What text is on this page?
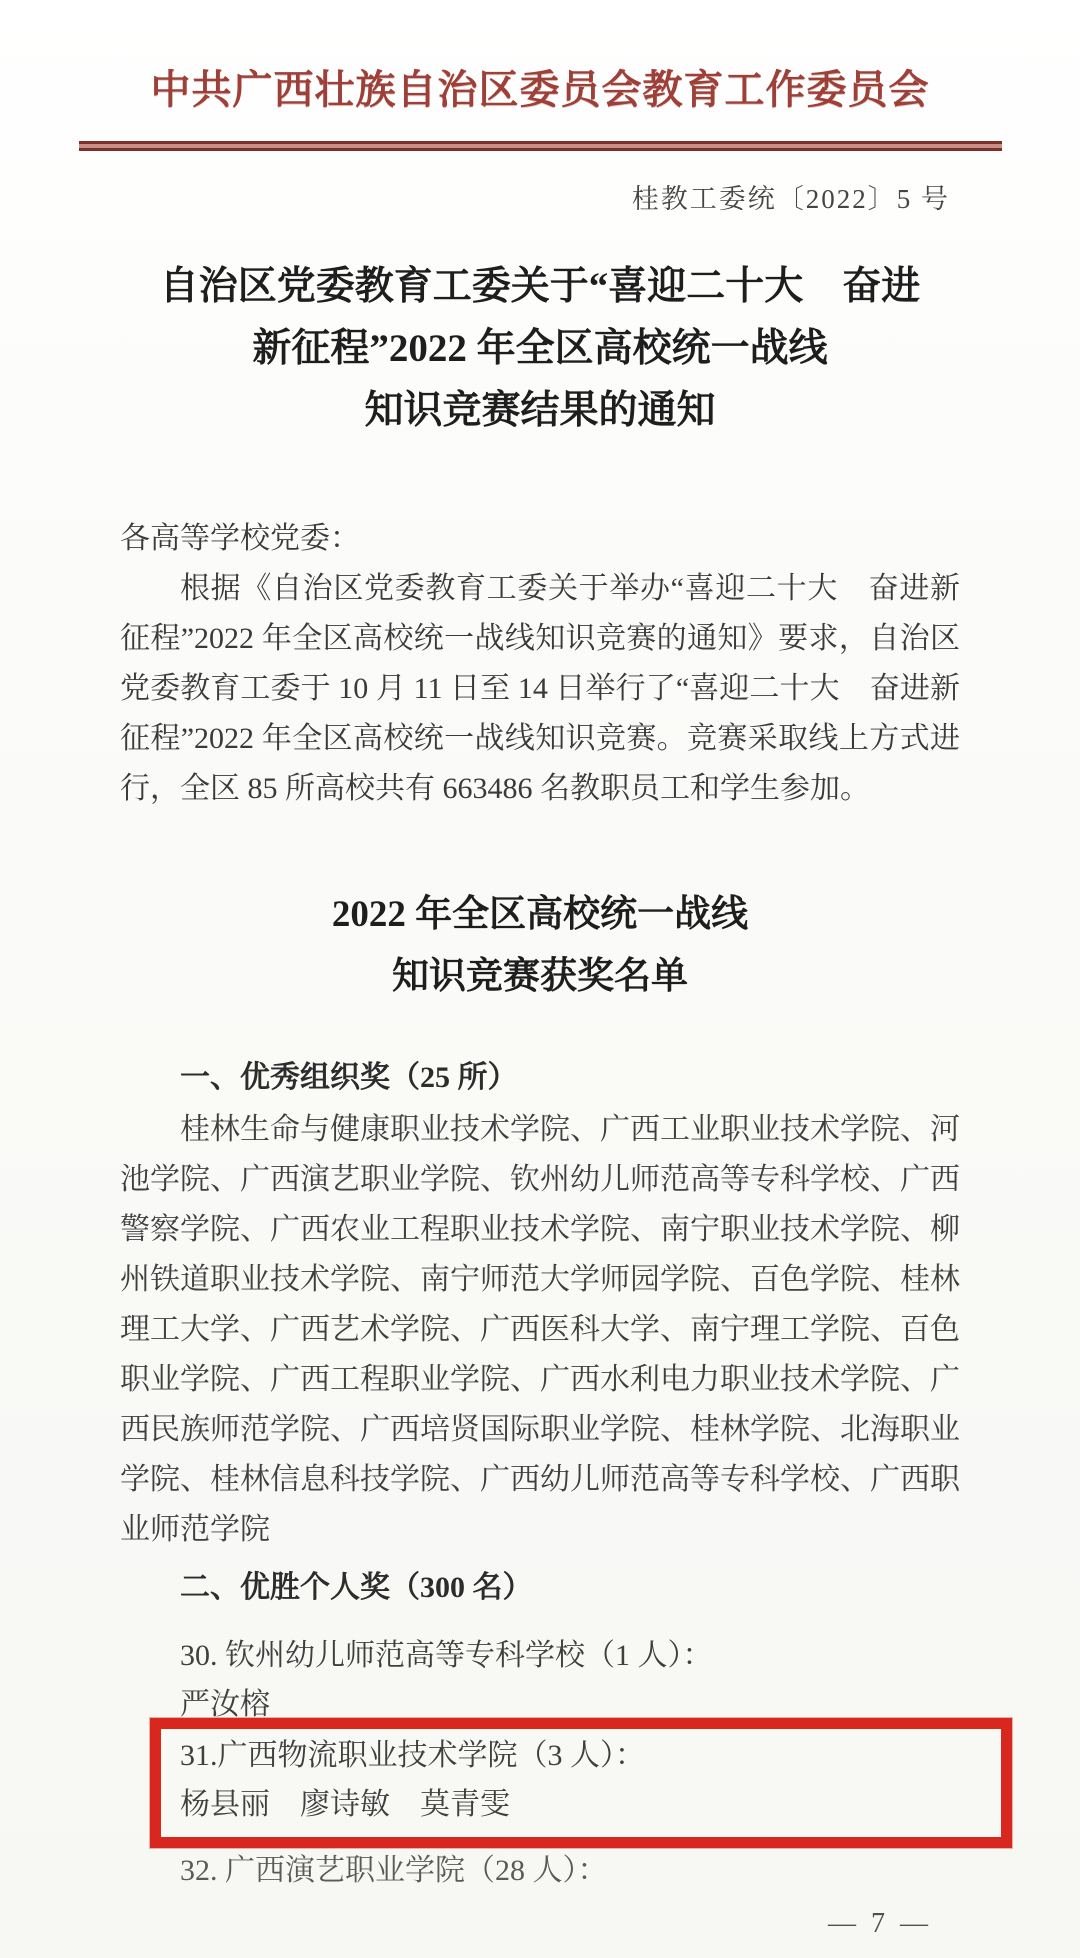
中共广西壮族自治区委员会教育工作委员会
桂教工委统〔2022〕5 号
自治区党委教育工委关于“喜迎二十大　奋进
新征程”2022 年全区高校统一战线
知识竞赛结果的通知
各高等学校党委：
根据《自治区党委教育工委关于举办“喜迎二十大　奋进新征程”2022 年全区高校统一战线知识竞赛的通知》要求，自治区党委教育工委于 10 月 11 日至 14 日举行了“喜迎二十大　奋进新征程”2022 年全区高校统一战线知识竞赛。竞赛采取线上方式进行，全区 85 所高校共有 663486 名教职员工和学生参加。
2022 年全区高校统一战线
知识竞赛获奖名单
一、优秀组织奖（25 所）
桂林生命与健康职业技术学院、广西工业职业技术学院、河池学院、广西演艺职业学院、钦州幼儿师范高等专科学校、广西警察学院、广西农业工程职业技术学院、南宁职业技术学院、柳州铁道职业技术学院、南宁师范大学师园学院、百色学院、桂林理工大学、广西艺术学院、广西医科大学、南宁理工学院、百色职业学院、广西工程职业学院、广西水利电力职业技术学院、广西民族师范学院、广西培贤国际职业学院、桂林学院、北海职业学院、桂林信息科技学院、广西幼儿师范高等专科学校、广西职业师范学院
二、优胜个人奖（300 名）
30. 钦州幼儿师范高等专科学校（1 人）：
严汝榕
31.广西物流职业技术学院（3 人）：
杨县丽　廖诗敏　莫青雯
32. 广西演艺职业学院（28 人）：
— 7 —
